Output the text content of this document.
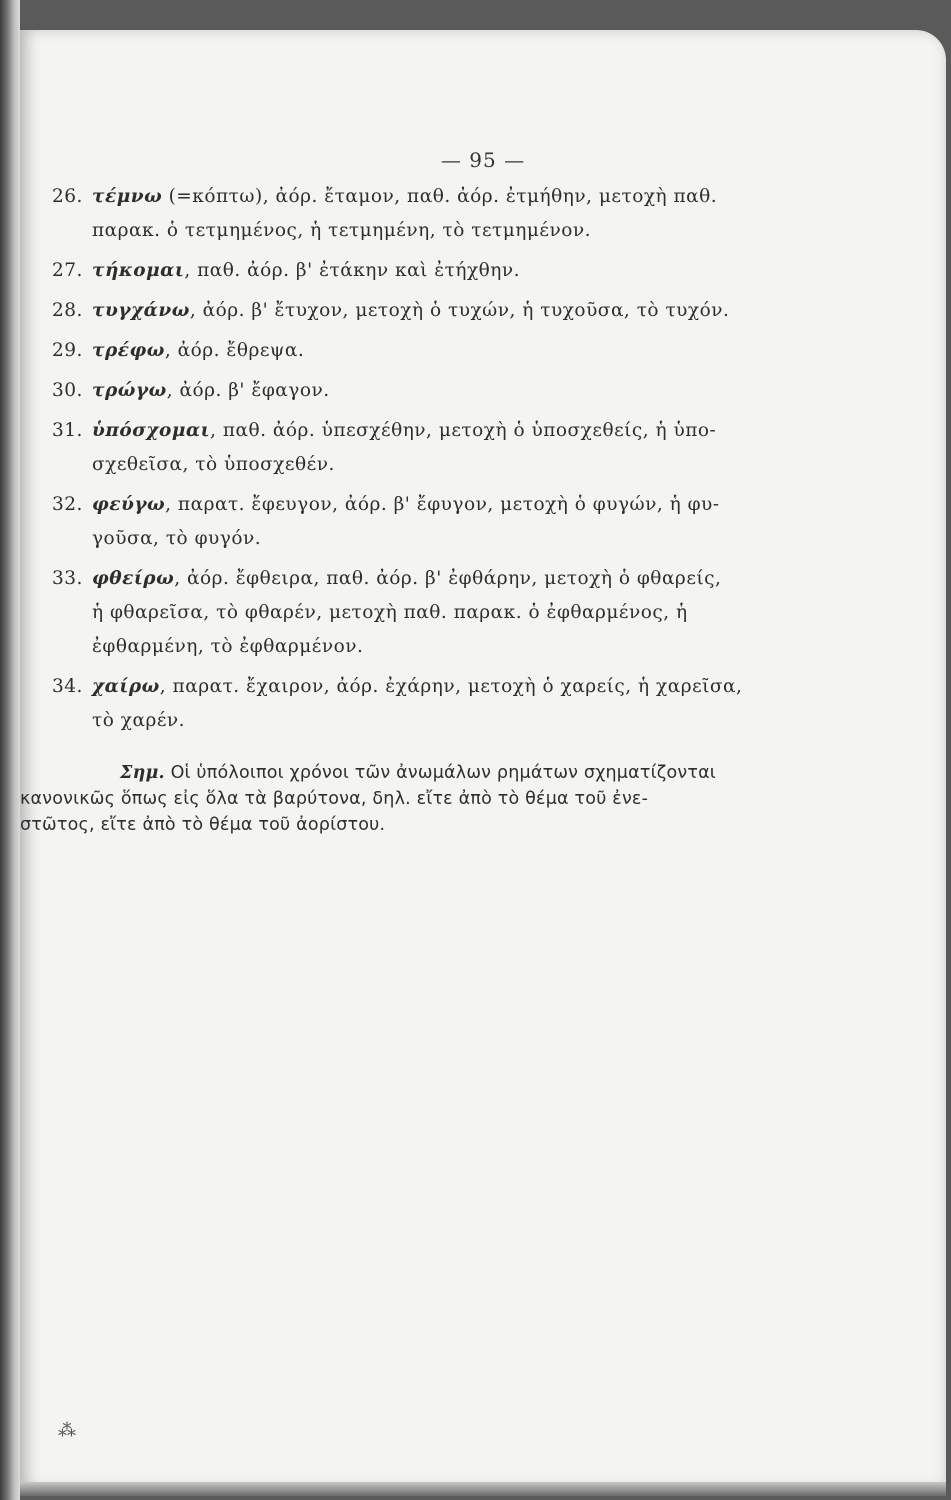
— 95 —
26. τέμνω (=κόπτω), ἀόρ. ἔταμον, παθ. ἀόρ. ἐτμήθην, μετοχὴ παθ.
παρακ. ὁ τετμημένος, ἡ τετμημένη, τὸ τετμημένον.
27. τήκομαι, παθ. ἀόρ. β' ἐτάκην καὶ ἐτήχθην.
28. τυγχάνω, ἀόρ. β' ἔτυχον, μετοχὴ ὁ τυχών, ἡ τυχοῦσα, τὸ τυχόν.
29. τρέφω, ἀόρ. ἔθρεψα.
30. τρώγω, ἀόρ. β' ἔφαγον.
31. ὑπόσχομαι, παθ. ἀόρ. ὑπεσχέθην, μετοχὴ ὁ ὑποσχεθείς, ἡ ὑπο-
σχεθεῖσα, τὸ ὑποσχεθέν.
32. φεύγω, παρατ. ἔφευγον, ἀόρ. β' ἔφυγον, μετοχὴ ὁ φυγών, ἡ φυ-
γοῦσα, τὸ φυγόν.
33. φθείρω, ἀόρ. ἔφθειρα, παθ. ἀόρ. β' ἐφθάρην, μετοχὴ ὁ φθαρείς,
ἡ φθαρεῖσα, τὸ φθαρέν, μετοχὴ παθ. παρακ. ὁ ἐφθαρμένος, ἡ
ἐφθαρμένη, τὸ ἐφθαρμένον.
34. χαίρω, παρατ. ἔχαιρον, ἀόρ. ἐχάρην, μετοχὴ ὁ χαρείς, ἡ χαρεῖσα,
τὸ χαρέν.
Σημ. Οἱ ὑπόλοιποι χρόνοι τῶν ἀνωμάλων ρημάτων σχηματίζονται
κανονικῶς ὅπως εἰς ὅλα τὰ βαρύτονα, δηλ. εἴτε ἀπὸ τὸ θέμα τοῦ ἐνε-
στῶτος, εἴτε ἀπὸ τὸ θέμα τοῦ ἀορίστου.
⁂
